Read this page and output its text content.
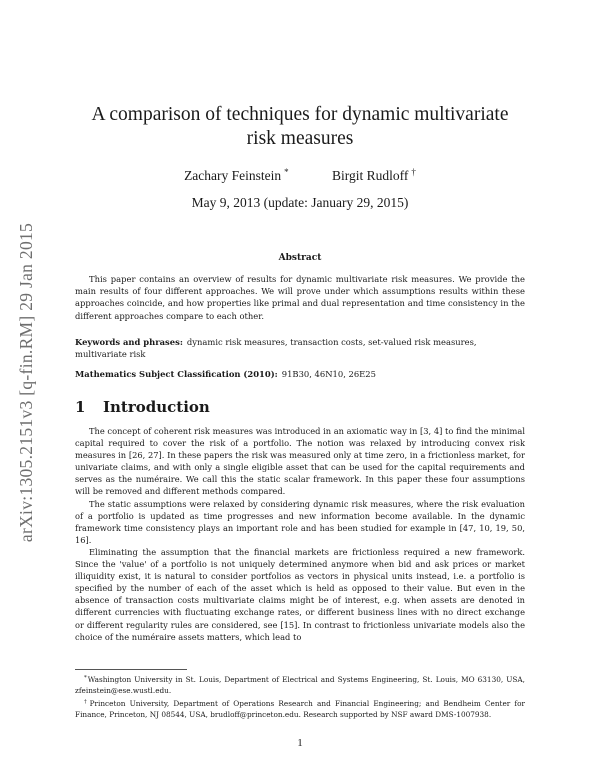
arXiv:1305.2151v3 [q-fin.RM] 29 Jan 2015
A comparison of techniques for dynamic multivariate risk measures
Zachary Feinstein *	Birgit Rudloff †
May 9, 2013 (update: January 29, 2015)
Abstract

This paper contains an overview of results for dynamic multivariate risk measures. We provide the main results of four different approaches. We will prove under which assumptions results within these approaches coincide, and how properties like primal and dual representation and time consistency in the different approaches compare to each other.

Keywords and phrases: dynamic risk measures, transaction costs, set-valued risk measures, multivariate risk

Mathematics Subject Classification (2010): 91B30, 46N10, 26E25

1 Introduction

The concept of coherent risk measures was introduced in an axiomatic way in [3, 4] to find the minimal capital required to cover the risk of a portfolio. The notion was relaxed by introducing convex risk measures in [26, 27]. In these papers the risk was measured only at time zero, in a frictionless market, for univariate claims, and with only a single eligible asset that can be used for the capital requirements and serves as the numéraire. We call this the static scalar framework. In this paper these four assumptions will be removed and different methods compared.

The static assumptions were relaxed by considering dynamic risk measures, where the risk evaluation of a portfolio is updated as time progresses and new information become available. In the dynamic framework time consistency plays an important role and has been studied for example in [47, 10, 19, 50, 16].

Eliminating the assumption that the financial markets are frictionless required a new framework. Since the 'value' of a portfolio is not uniquely determined anymore when bid and ask prices or market illiquidity exist, it is natural to consider portfolios as vectors in physical units instead, i.e. a portfolio is specified by the number of each of the asset which is held as opposed to their value. But even in the absence of transaction costs multivariate claims might be of interest, e.g. when assets are denoted in different currencies with fluctuating exchange rates, or different business lines with no direct exchange or different regularity rules are considered, see [15]. In contrast to frictionless univariate models also the choice of the numéraire assets matters, which lead to

*Washington University in St. Louis, Department of Electrical and Systems Engineering, St. Louis, MO 63130, USA, zfeinstein@ese.wustl.edu.

†Princeton University, Department of Operations Research and Financial Engineering; and Bendheim Center for Finance, Princeton, NJ 08544, USA, brudloff@princeton.edu. Research supported by NSF award DMS-1007938.

1
